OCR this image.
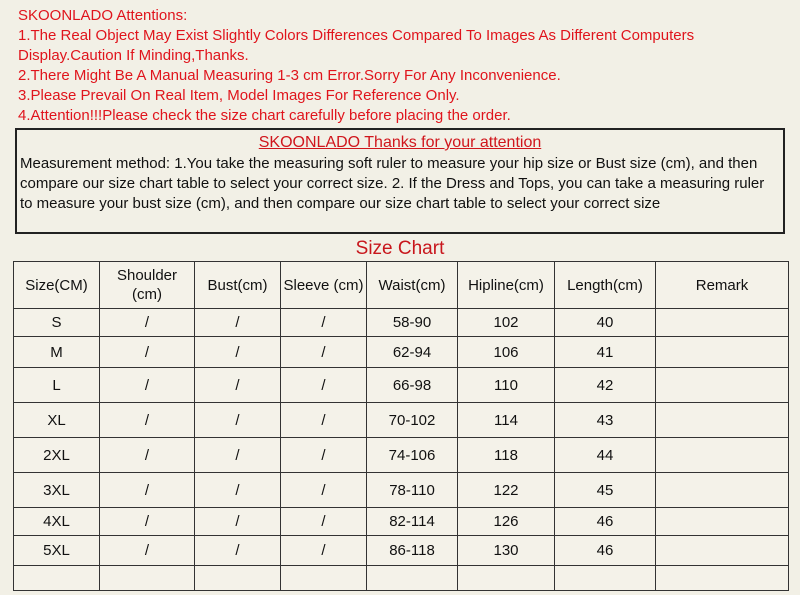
SKOONLADO Attentions:
1.The Real Object May Exist Slightly Colors Differences Compared To Images As Different Computers Display.Caution If Minding,Thanks.
2.There Might Be A Manual Measuring 1-3 cm Error.Sorry For Any Inconvenience.
3.Please Prevail On Real Item, Model Images For Reference Only.
4.Attention!!!Please check the size chart carefully before placing the order.
SKOONLADO Thanks for your attention
Measurement method: 1.You take the measuring soft ruler to measure your hip size or Bust size (cm), and then compare our size chart table to select your correct size. 2. If the Dress and Tops, you can take a measuring ruler to measure your bust size (cm), and then compare our size chart table to select your correct size
Size Chart
Size(CM)	Shoulder (cm)	Bust(cm)	Sleeve (cm)	Waist(cm)	Hipline(cm)	Length(cm)	Remark
S	/	/	/	58-90	102	40	
M	/	/	/	62-94	106	41	
L	/	/	/	66-98	110	42	
XL	/	/	/	70-102	114	43	
2XL	/	/	/	74-106	118	44	
3XL	/	/	/	78-110	122	45	
4XL	/	/	/	82-114	126	46	
5XL	/	/	/	86-118	130	46	
